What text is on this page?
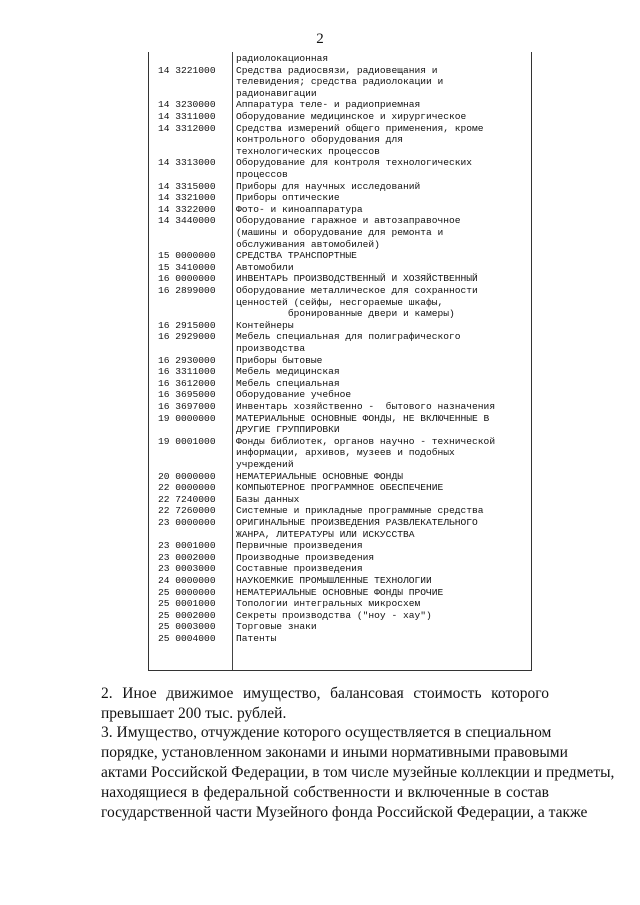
2
радиолокационная
14 3221000 Средства радиосвязи, радиовещания и
телевидения; средства радиолокации и
радионавигации
14 3230000 Аппаратура теле- и радиоприемная
14 3311000 Оборудование медицинское и хирургическое
14 3312000 Средства измерений общего применения, кроме
контрольного оборудования для
технологических процессов
14 3313000 Оборудование для контроля технологических
процессов
14 3315000 Приборы для научных исследований
14 3321000 Приборы оптические
14 3322000 Фото- и киноаппаратура
14 3440000 Оборудование гаражное и автозаправочное
(машины и оборудование для ремонта и
обслуживания автомобилей)
15 0000000 СРЕДСТВА ТРАНСПОРТНЫЕ
15 3410000 Автомобили
16 0000000 ИНВЕНТАРЬ ПРОИЗВОДСТВЕННЫЙ И ХОЗЯЙСТВЕННЫЙ
16 2899000 Оборудование металлическое для сохранности
ценностей (сейфы, несгораемые шкафы,
бронированные двери и камеры)
16 2915000 Контейнеры
16 2929000 Мебель специальная для полиграфического
производства
16 2930000 Приборы бытовые
16 3311000 Мебель медицинская
16 3612000 Мебель специальная
16 3695000 Оборудование учебное
16 3697000 Инвентарь хозяйственно -  бытового назначения
19 0000000 МАТЕРИАЛЬНЫЕ ОСНОВНЫЕ ФОНДЫ, НЕ ВКЛЮЧЕННЫЕ В
ДРУГИЕ ГРУППИРОВКИ
19 0001000 Фонды библиотек, органов научно - технической
информации, архивов, музеев и подобных
учреждений
20 0000000 НЕМАТЕРИАЛЬНЫЕ ОСНОВНЫЕ ФОНДЫ
22 0000000 КОМПЬЮТЕРНОЕ ПРОГРАММНОЕ ОБЕСПЕЧЕНИЕ
22 7240000 Базы данных
22 7260000 Системные и прикладные программные средства
23 0000000 ОРИГИНАЛЬНЫЕ ПРОИЗВЕДЕНИЯ РАЗВЛЕКАТЕЛЬНОГО
ЖАНРА, ЛИТЕРАТУРЫ ИЛИ ИСКУССТВА
23 0001000 Первичные произведения
23 0002000 Производные произведения
23 0003000 Составные произведения
24 0000000 НАУКОЕМКИЕ ПРОМЫШЛЕННЫЕ ТЕХНОЛОГИИ
25 0000000 НЕМАТЕРИАЛЬНЫЕ ОСНОВНЫЕ ФОНДЫ ПРОЧИЕ
25 0001000 Топологии интегральных микросхем
25 0002000 Секреты производства ("ноу - хау")
25 0003000 Торговые знаки
25 0004000 Патенты
2. Иное движимое имущество, балансовая стоимость которого
превышает 200 тыс. рублей.
3. Имущество, отчуждение которого осуществляется в специальном
порядке, установленном законами и иными нормативными правовыми
актами Российской Федерации, в том числе музейные коллекции и предметы,
находящиеся в федеральной собственности и включенные в состав
государственной части Музейного фонда Российской Федерации, а также
